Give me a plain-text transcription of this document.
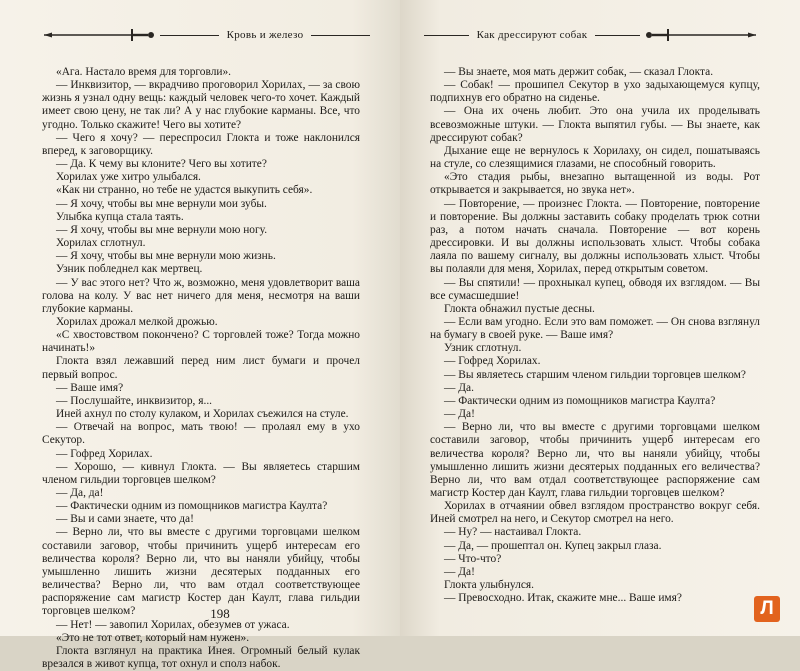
Кровь и железо

«Ага. Настало время для торговли».

— Инквизитор, — вкрадчиво проговорил Хорилах, — за свою жизнь я узнал одну вещь: каждый человек чего-то хочет. Каждый имеет свою цену, не так ли? А у нас глубокие карманы. Все, что угодно. Только скажите! Чего вы хотите?

— Чего я хочу? — переспросил Глокта и тоже наклонился вперед, к заговорщику.

— Да. К чему вы клоните? Чего вы хотите?

Хорилах уже хитро улыбался.

«Как ни странно, но тебе не удастся выкупить себя».

— Я хочу, чтобы вы мне вернули мои зубы.

Улыбка купца стала таять.

— Я хочу, чтобы вы мне вернули мою ногу.

Хорилах сглотнул.

— Я хочу, чтобы вы мне вернули мою жизнь.

Узник побледнел как мертвец.

— У вас этого нет? Что ж, возможно, меня удовлетворит ваша голова на колу. У вас нет ничего для меня, несмотря на ваши глубокие карманы.

Хорилах дрожал мелкой дрожью.

«С хвостовством покончено? С торговлей тоже? Тогда можно начинать!»

Глокта взял лежавший перед ним лист бумаги и прочел первый вопрос.

— Ваше имя?

— Послушайте, инквизитор, я...

Иней ахнул по столу кулаком, и Хорилах съежился на стуле.

— Отвечай на вопрос, мать твою! — пролаял ему в ухо Секутор.

— Гофред Хорилах.

— Хорошо, — кивнул Глокта. — Вы являетесь старшим членом гильдии торговцев шелком?

— Да, да!

— Фактически одним из помощников магистра Каулта?

— Вы и сами знаете, что да!

— Верно ли, что вы вместе с другими торговцами шелком составили заговор, чтобы причинить ущерб интересам его величества короля? Верно ли, что вы наняли убийцу, чтобы умышленно лишить жизни десятерых подданных его величества? Верно ли, что вам отдал соответствующее распоряжение сам магистр Костер дан Каулт, глава гильдии торговцев шелком?

— Нет! — завопил Хорилах, обезумев от ужаса.

«Это не тот ответ, который нам нужен».

Глокта взглянул на практика Инея. Огромный белый кулак врезался в живот купца, тот охнул и сполз набок.

198
Как дрессируют собак

— Вы знаете, моя мать держит собак, — сказал Глокта.

— Собак! — прошипел Секутор в ухо задыхающемуся купцу, подпихнув его обратно на сиденье.

— Она их очень любит. Это она учила их проделывать всевозможные штуки. — Глокта выпятил губы. — Вы знаете, как дрессируют собак?

Дыхание еще не вернулось к Хорилаху, он сидел, пошатываясь на стуле, со слезящимися глазами, не способный говорить.

«Это стадия рыбы, внезапно вытащенной из воды. Рот открывается и закрывается, но звука нет».

— Повторение, — произнес Глокта. — Повторение, повторение и повторение. Вы должны заставить собаку проделать трюк сотни раз, а потом начать сначала. Повторение — вот корень дрессировки. И вы должны использовать хлыст. Чтобы собака лаяла по вашему сигналу, вы должны использовать хлыст. Чтобы вы полаяли для меня, Хорилах, перед открытым советом.

— Вы спятили! — прохныкал купец, обводя их взглядом. — Вы все сумасшедшие!

Глокта обнажил пустые десны.

— Если вам угодно. Если это вам поможет. — Он снова взглянул на бумагу в своей руке. — Ваше имя?

Узник сглотнул.

— Гофред Хорилах.

— Вы являетесь старшим членом гильдии торговцев шелком?

— Да.

— Фактически одним из помощников магистра Каулта?

— Да!

— Верно ли, что вы вместе с другими торговцами шелком составили заговор, чтобы причинить ущерб интересам его величества короля? Верно ли, что вы наняли убийцу, чтобы умышленно лишить жизни десятерых подданных его величества? Верно ли, что вам отдал соответствующее распоряжение сам магистр Костер дан Каулт, глава гильдии торговцев шелком?

Хорилах в отчаянии обвел взглядом пространство вокруг себя. Иней смотрел на него, и Секутор смотрел на него.

— Ну? — настаивал Глокта.

— Да, — прошептал он. Купец закрыл глаза.

— Что-что?

— Да!

Глокта улыбнулся.

— Превосходно. Итак, скажите мне... Ваше имя?	Л
